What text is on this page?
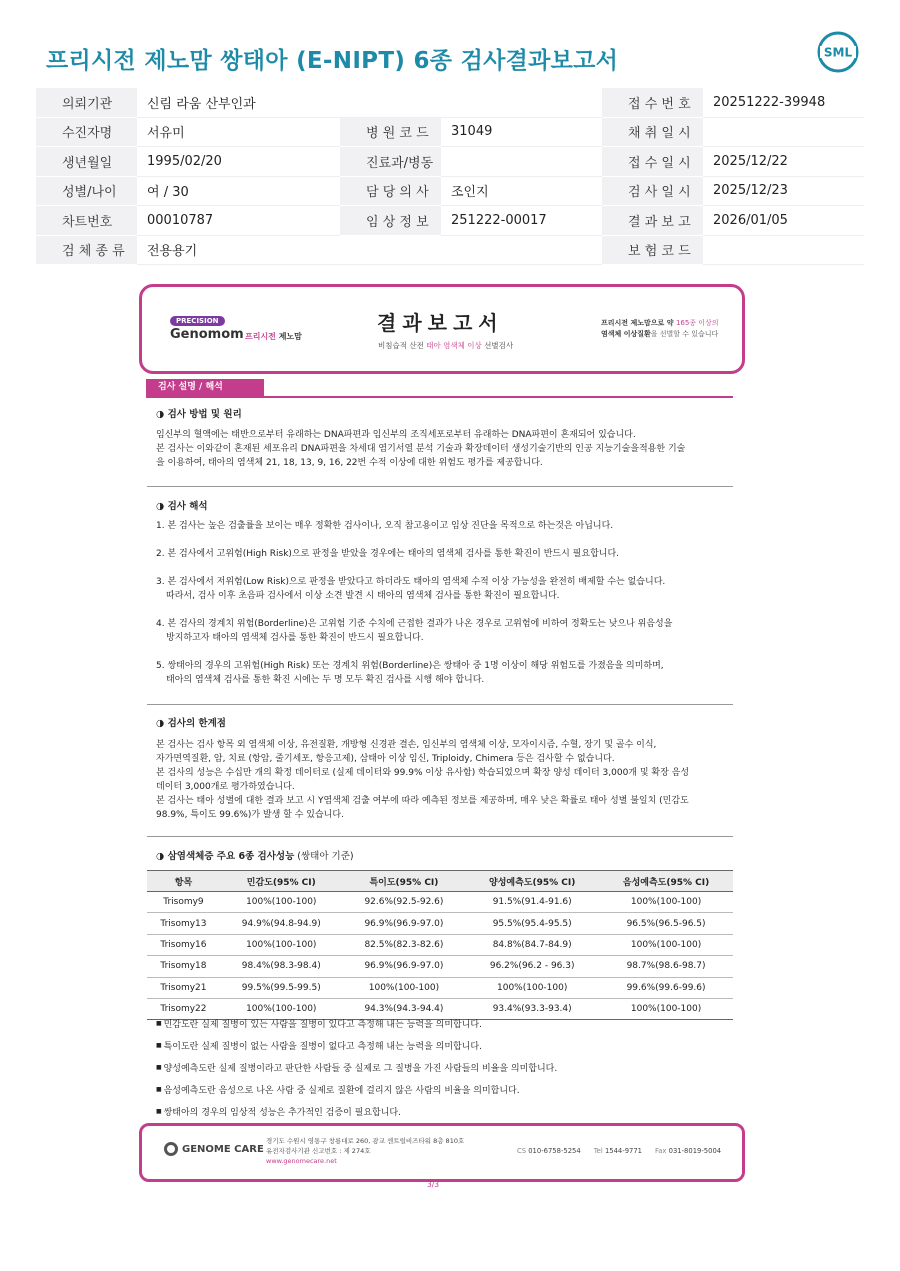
프리시전 제노맘 쌍태아 (E-NIPT) 6종 검사결과보고서	SML
의뢰기관	신림 라움 산부인과			접 수 번 호	20251222-39948
수진자명	서유미	병 원 코 드	31049	채 취 일 시	
생년월일	1995/02/20	진료과/병동		접 수 일 시	2025/12/22
성별/나이	여 / 30	담 당 의 사	조인지	검 사 일 시	2025/12/23
차트번호	00010787	임 상 정 보	251222-00017	결 과 보 고	2026/01/05
검 체 종 류	전용용기			보 험 코 드	
PRECISION
Genomom 프리시전 제노맘
결과보고서
비침습적 산전 태아 염색체 이상 선별검사
프리시전 제노맘으로 약 165종 이상의
염색체 이상질환을 선별할 수 있습니다
검사 설명 / 해석
◑ 검사 방법 및 원리
임신부의 혈액에는 태반으로부터 유래하는 DNA파편과 임신부의 조직세포로부터 유래하는 DNA파편이 혼재되어 있습니다.
본 검사는 이와같이 혼재된 세포유리 DNA파편을 차세대 염기서열 분석 기술과 확장데이터 생성기술기반의 인공 지능기술을적용한 기술
을 이용하여, 태아의 염색체 21, 18, 13, 9, 16, 22번 수적 이상에 대한 위험도 평가를 제공합니다.
◑ 검사 해석
1. 본 검사는 높은 검출률을 보이는 매우 정확한 검사이나, 오직 참고용이고 임상 진단을 목적으로 하는것은 아닙니다.
2. 본 검사에서 고위험(High Risk)으로 판정을 받았을 경우에는 태아의 염색체 검사를 통한 확진이 반드시 필요합니다.
3. 본 검사에서 저위험(Low Risk)으로 판정을 받았다고 하더라도 태아의 염색체 수적 이상 가능성을 완전히 배제할 수는 없습니다.
따라서, 검사 이후 초음파 검사에서 이상 소견 발견 시 태아의 염색체 검사를 통한 확진이 필요합니다.
4. 본 검사의 경계치 위험(Borderline)은 고위험 기준 수치에 근접한 결과가 나온 경우로 고위험에 비하여 정확도는 낮으나 위음성을
방지하고자 태아의 염색체 검사를 통한 확진이 반드시 필요합니다.
5. 쌍태아의 경우의 고위험(High Risk) 또는 경계치 위험(Borderline)은 쌍태아 중 1명 이상이 해당 위험도를 가졌음을 의미하며,
태아의 염색체 검사를 통한 확진 시에는 두 명 모두 확진 검사를 시행 해야 합니다.
◑ 검사의 한계점
본 검사는 검사 항목 외 염색체 이상, 유전질환, 개방형 신경관 결손, 임신부의 염색체 이상, 모자이시즘, 수혈, 장기 및 골수 이식,
자가면역질환, 암, 치료 (항암, 줄기세포, 항응고제), 삼태아 이상 임신, Triploidy, Chimera 등은 검사할 수 없습니다.
본 검사의 성능은 수십만 개의 확정 데이터로 (실제 데이터와 99.9% 이상 유사함) 학습되었으며 확장 양성 데이터 3,000개 및 확장 음성
데이터 3,000개로 평가하였습니다.
본 검사는 태아 성별에 대한 결과 보고 시 Y염색체 검출 여부에 따라 예측된 정보를 제공하며, 매우 낮은 확률로 태아 성별 불일치 (민감도
98.9%, 특이도 99.6%)가 발생 할 수 있습니다.
◑ 삼염색체증 주요 6종 검사성능 (쌍태아 기준)
항목	민감도(95% CI)	특이도(95% CI)	양성예측도(95% CI)	음성예측도(95% CI)
Trisomy9	100%(100-100)	92.6%(92.5-92.6)	91.5%(91.4-91.6)	100%(100-100)
Trisomy13	94.9%(94.8-94.9)	96.9%(96.9-97.0)	95.5%(95.4-95.5)	96.5%(96.5-96.5)
Trisomy16	100%(100-100)	82.5%(82.3-82.6)	84.8%(84.7-84.9)	100%(100-100)
Trisomy18	98.4%(98.3-98.4)	96.9%(96.9-97.0)	96.2%(96.2 - 96.3)	98.7%(98.6-98.7)
Trisomy21	99.5%(99.5-99.5)	100%(100-100)	100%(100-100)	99.6%(99.6-99.6)
Trisomy22	100%(100-100)	94.3%(94.3-94.4)	93.4%(93.3-93.4)	100%(100-100)
■ 민감도란 실제 질병이 있는 사람을 질병이 있다고 측정해 내는 능력을 의미합니다.
■ 특이도란 실제 질병이 없는 사람을 질병이 없다고 측정해 내는 능력을 의미합니다.
■ 양성예측도란 실제 질병이라고 판단한 사람들 중 실제로 그 질병을 가진 사람들의 비율을 의미합니다.
■ 음성예측도란 음성으로 나온 사람 중 실제로 질환에 걸리지 않은 사람의 비율을 의미합니다.
■ 쌍태아의 경우의 임상적 성능은 추가적인 검증이 필요합니다.
GENOME CARE
경기도 수원시 영통구 창룡대로 260, 광교 센트럴비즈타워 8층 810호
유전자검사기관 신고번호 : 제 274호
www.genomecare.net
CS 010-6758-5254 Tel 1544-9771 Fax 031-8019-5004
3/3
